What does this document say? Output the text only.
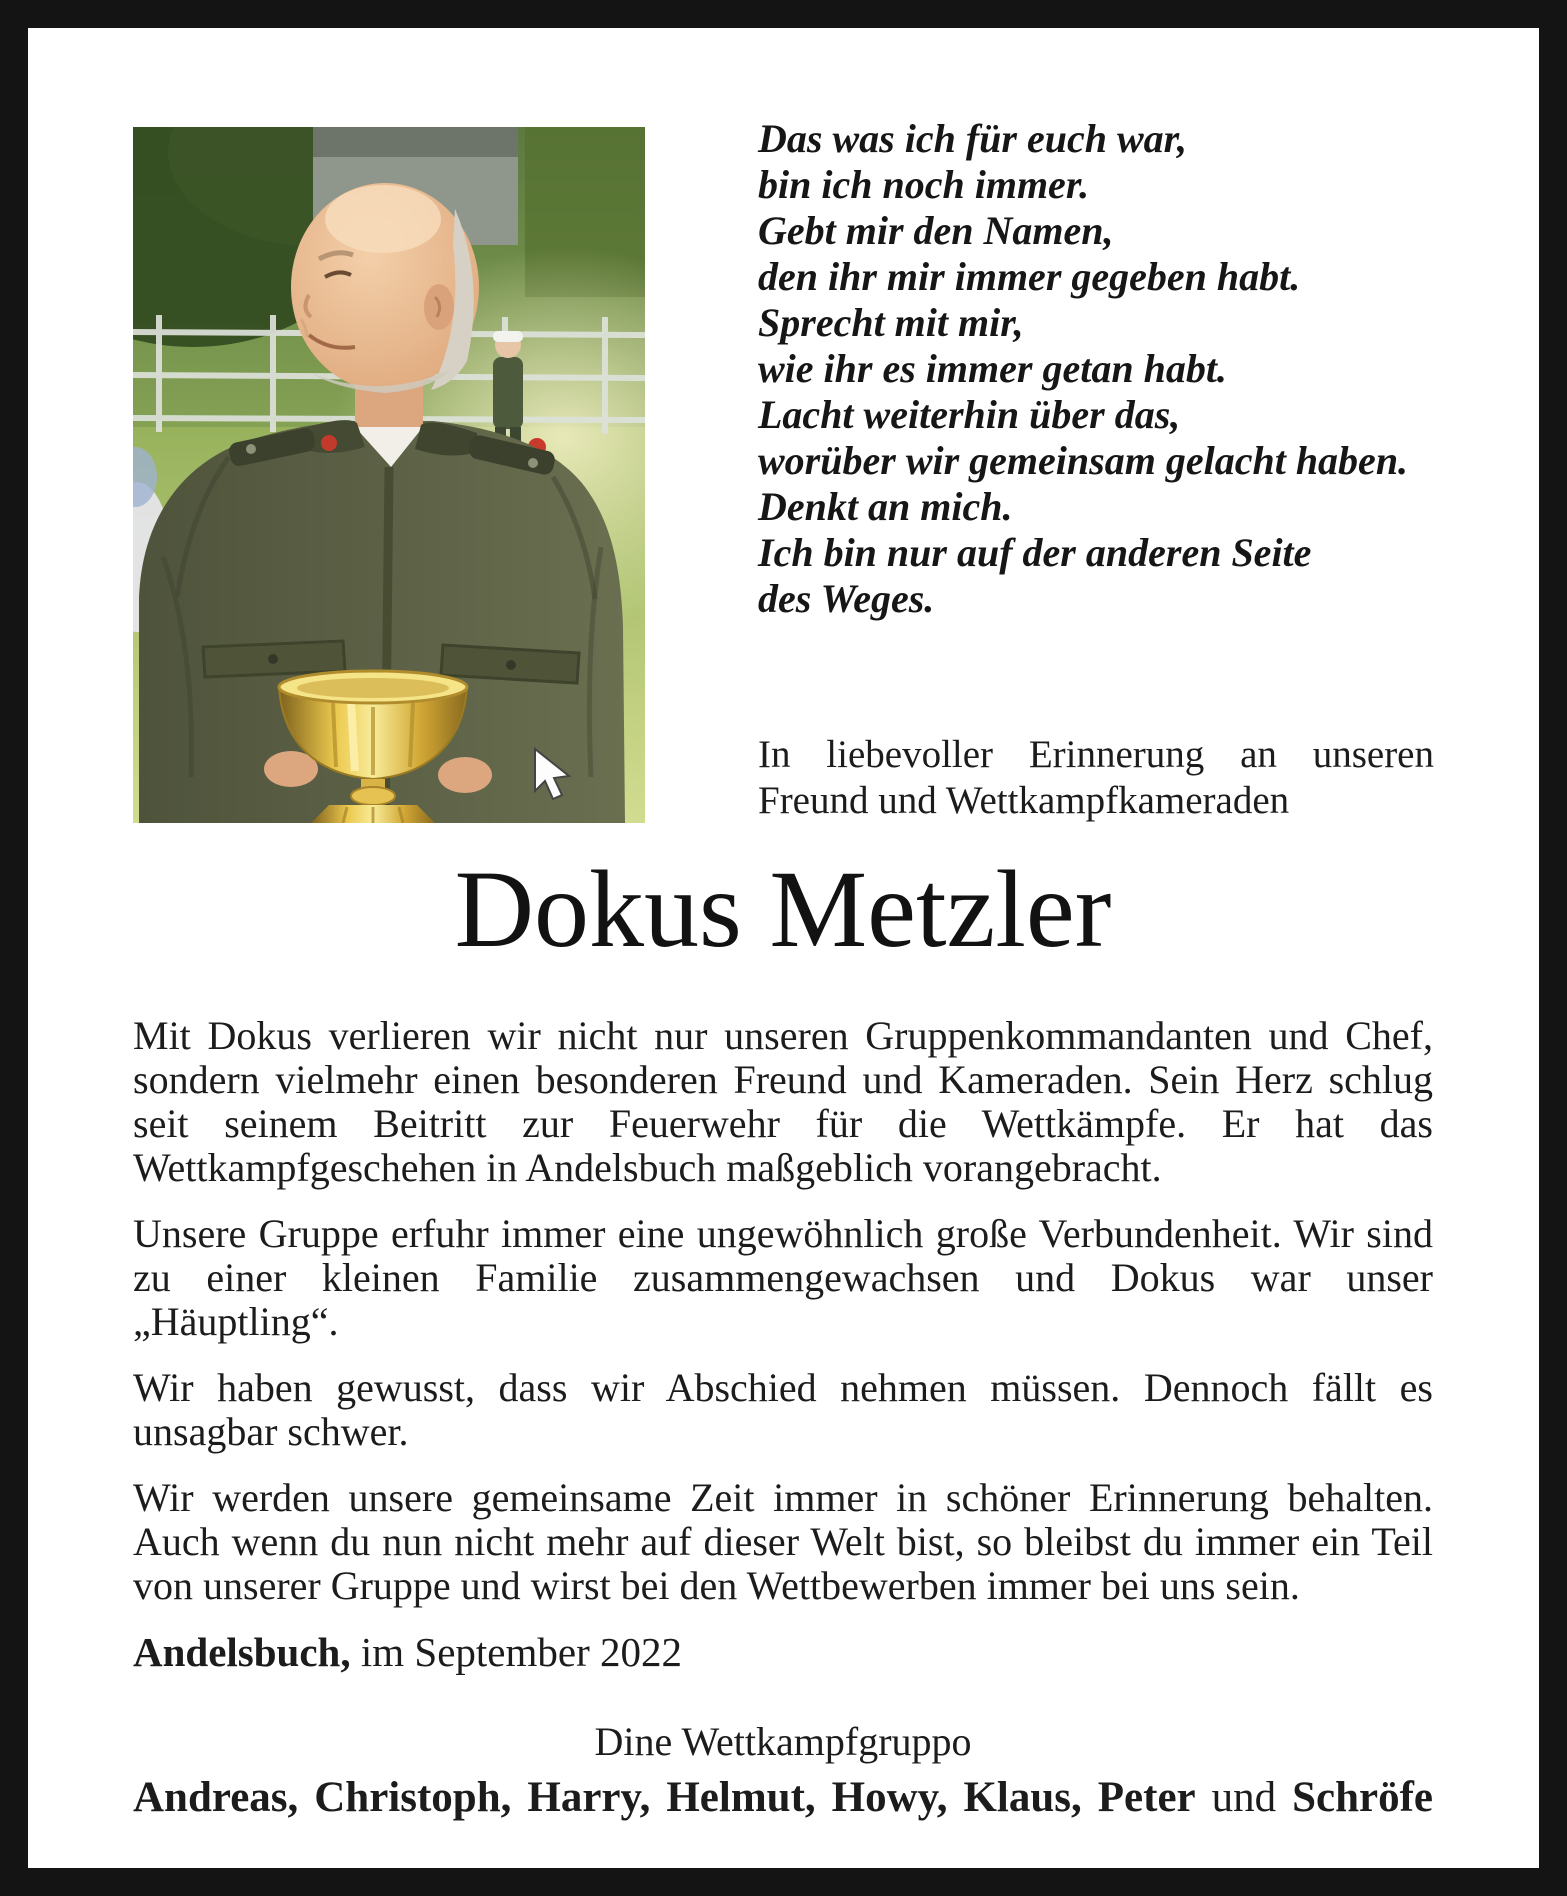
Das was ich für euch war,
bin ich noch immer.
Gebt mir den Namen,
den ihr mir immer gegeben habt.
Sprecht mit mir,
wie ihr es immer getan habt.
Lacht weiterhin über das,
worüber wir gemeinsam gelacht haben.
Denkt an mich.
Ich bin nur auf der anderen Seite
des Weges.
In liebevoller Erinnerung an unseren
Freund und Wettkampfkameraden
Dokus Metzler

Mit Dokus verlieren wir nicht nur unseren Gruppenkommandanten und Chef, sondern vielmehr einen besonderen Freund und Kameraden. Sein Herz schlug seit seinem Beitritt zur Feuerwehr für die Wettkämpfe. Er hat das Wettkampfgeschehen in Andelsbuch maßgeblich vorangebracht.

Unsere Gruppe erfuhr immer eine ungewöhnlich große Verbundenheit. Wir sind zu einer kleinen Familie zusammengewachsen und Dokus war unser „Häuptling“.

Wir haben gewusst, dass wir Abschied nehmen müssen. Dennoch fällt es unsagbar schwer.

Wir werden unsere gemeinsame Zeit immer in schöner Erinnerung behalten. Auch wenn du nun nicht mehr auf dieser Welt bist, so bleibst du immer ein Teil von unserer Gruppe und wirst bei den Wettbewerben immer bei uns sein.

Andelsbuch, im September 2022
Dine Wettkampfgruppo
Andreas, Christoph, Harry, Helmut, Howy, Klaus, Peter und Schröfe
